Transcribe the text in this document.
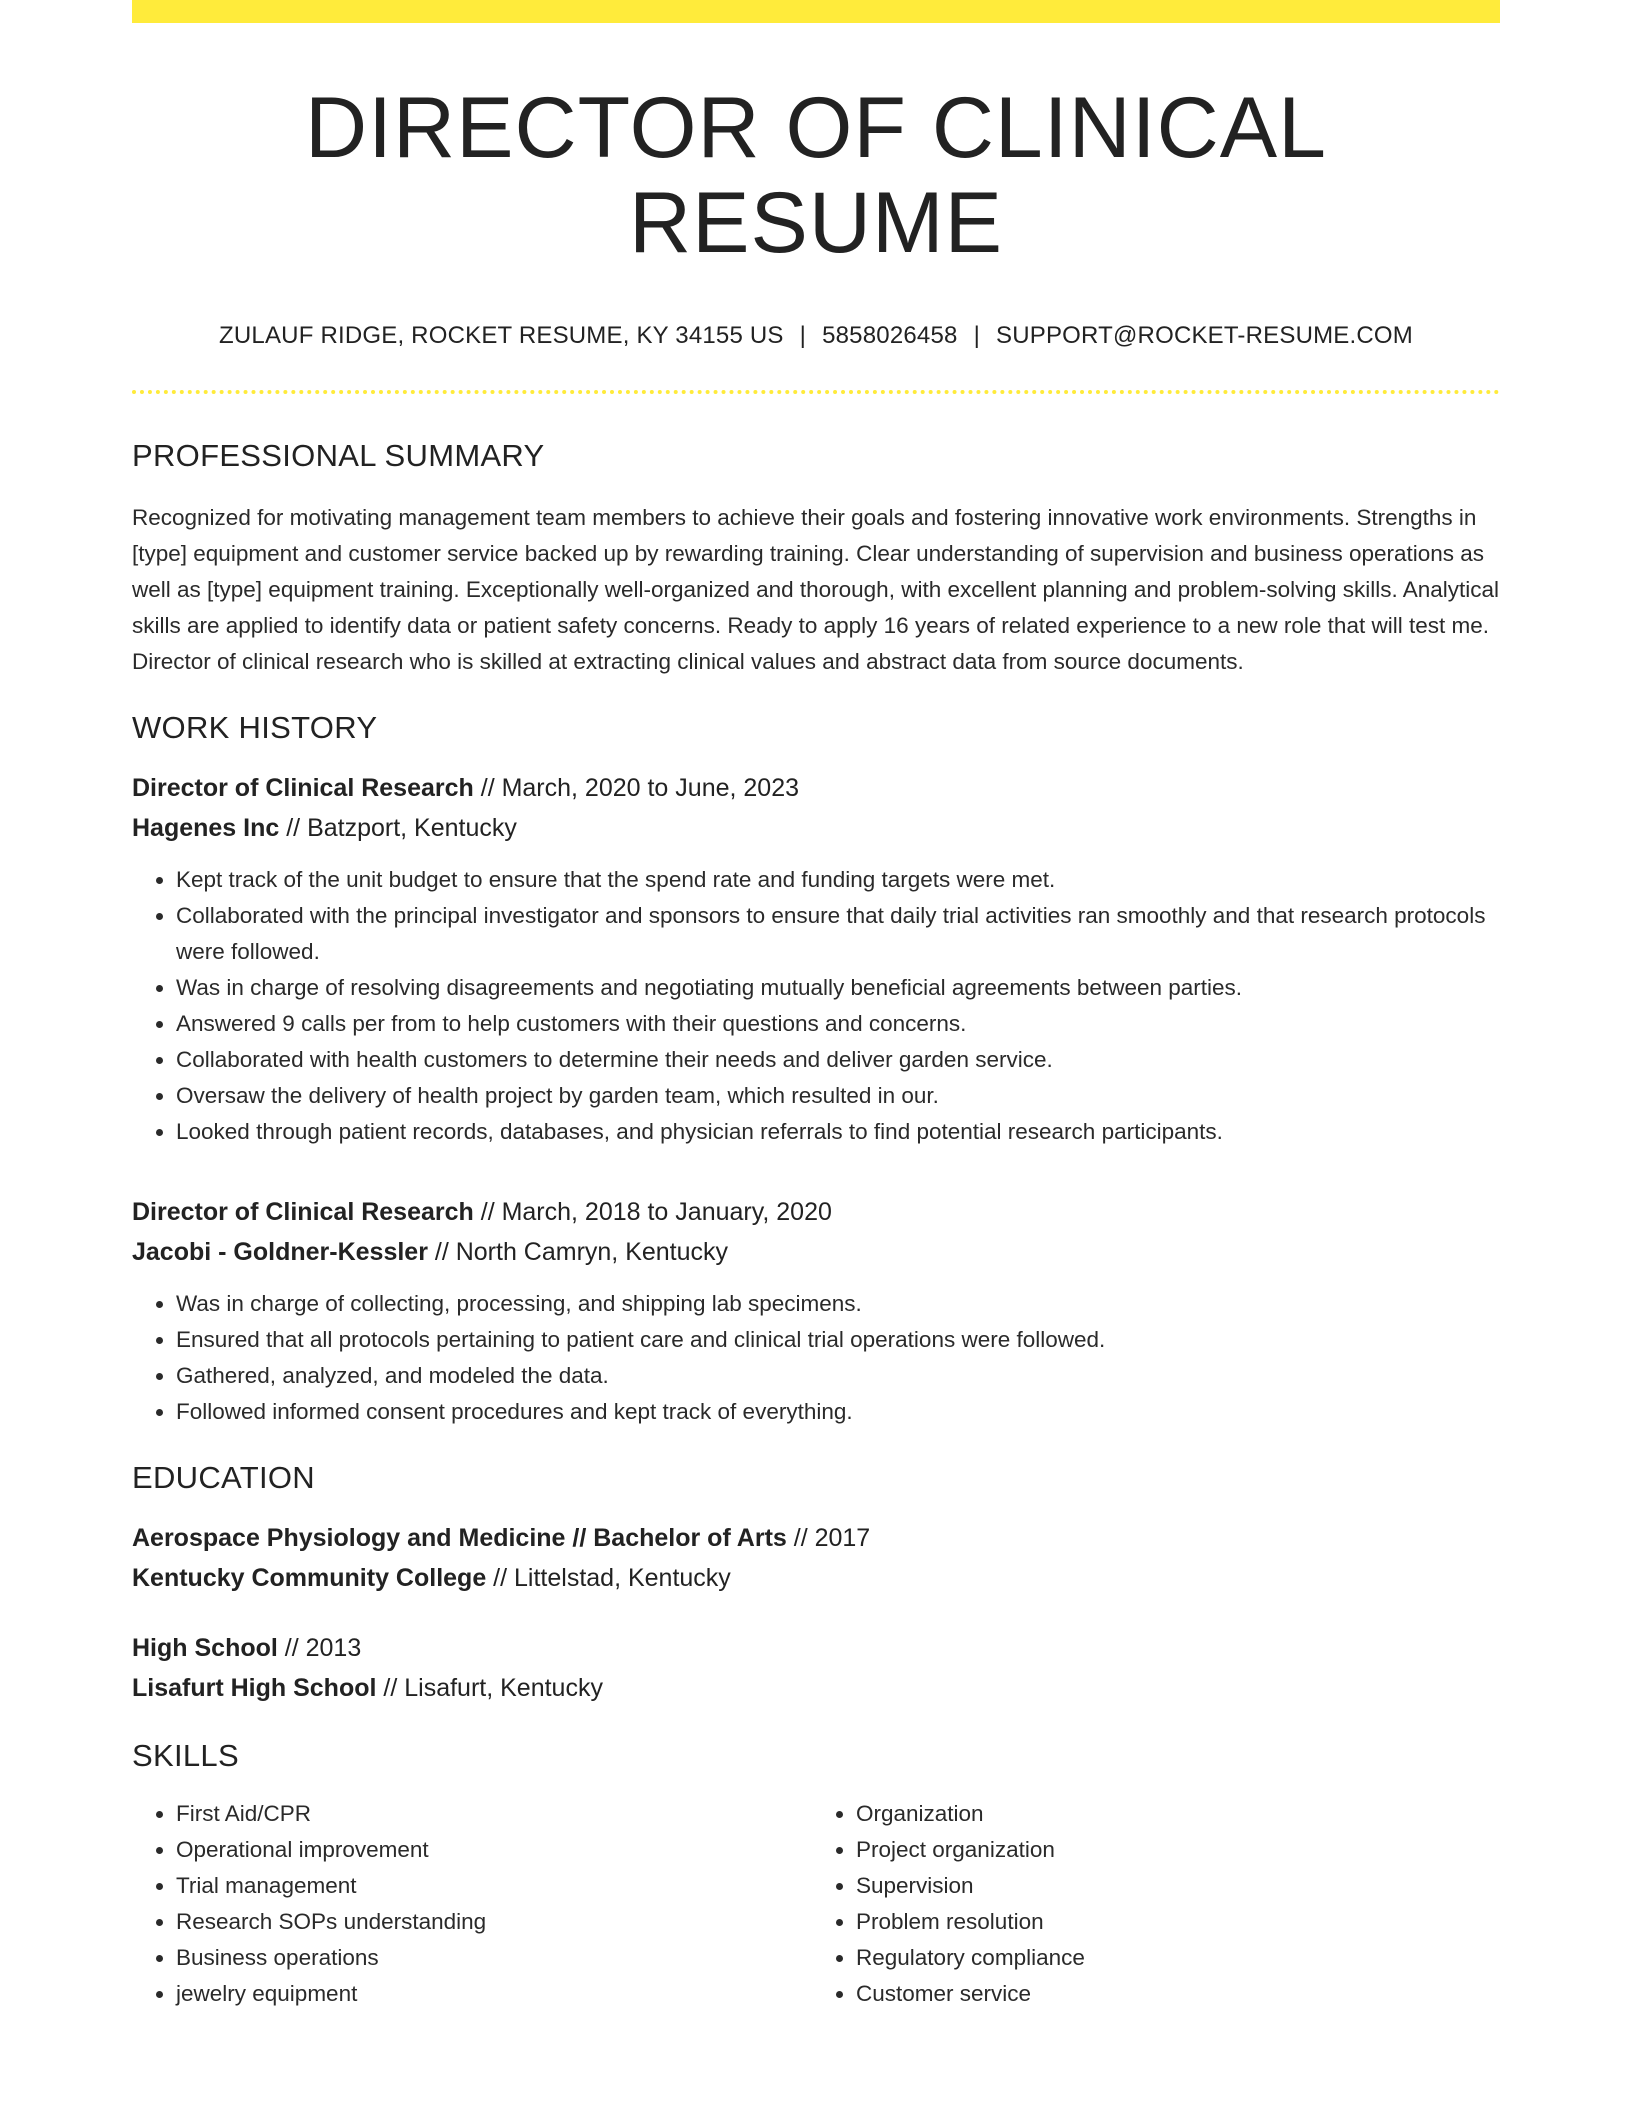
DIRECTOR OF CLINICAL RESUME
ZULAUF RIDGE, ROCKET RESUME, KY 34155 US | 5858026458 | SUPPORT@ROCKET-RESUME.COM
PROFESSIONAL SUMMARY

Recognized for motivating management team members to achieve their goals and fostering innovative work environments. Strengths in [type] equipment and customer service backed up by rewarding training. Clear understanding of supervision and business operations as well as [type] equipment training. Exceptionally well-organized and thorough, with excellent planning and problem-solving skills. Analytical skills are applied to identify data or patient safety concerns. Ready to apply 16 years of related experience to a new role that will test me. Director of clinical research who is skilled at extracting clinical values and abstract data from source documents.

WORK HISTORY
Director of Clinical Research // March, 2020 to June, 2023
Hagenes Inc // Batzport, Kentucky
• Kept track of the unit budget to ensure that the spend rate and funding targets were met.
• Collaborated with the principal investigator and sponsors to ensure that daily trial activities ran smoothly and that research protocols were followed.
• Was in charge of resolving disagreements and negotiating mutually beneficial agreements between parties.
• Answered 9 calls per from to help customers with their questions and concerns.
• Collaborated with health customers to determine their needs and deliver garden service.
• Oversaw the delivery of health project by garden team, which resulted in our.
• Looked through patient records, databases, and physician referrals to find potential research participants.
Director of Clinical Research // March, 2018 to January, 2020
Jacobi - Goldner-Kessler // North Camryn, Kentucky
• Was in charge of collecting, processing, and shipping lab specimens.
• Ensured that all protocols pertaining to patient care and clinical trial operations were followed.
• Gathered, analyzed, and modeled the data.
• Followed informed consent procedures and kept track of everything.
EDUCATION
Aerospace Physiology and Medicine // Bachelor of Arts // 2017
Kentucky Community College // Littelstad, Kentucky
High School // 2013
Lisafurt High School // Lisafurt, Kentucky
SKILLS
• First Aid/CPR
• Operational improvement
• Trial management
• Research SOPs understanding
• Business operations
• jewelry equipment
• Organization
• Project organization
• Supervision
• Problem resolution
• Regulatory compliance
• Customer service
